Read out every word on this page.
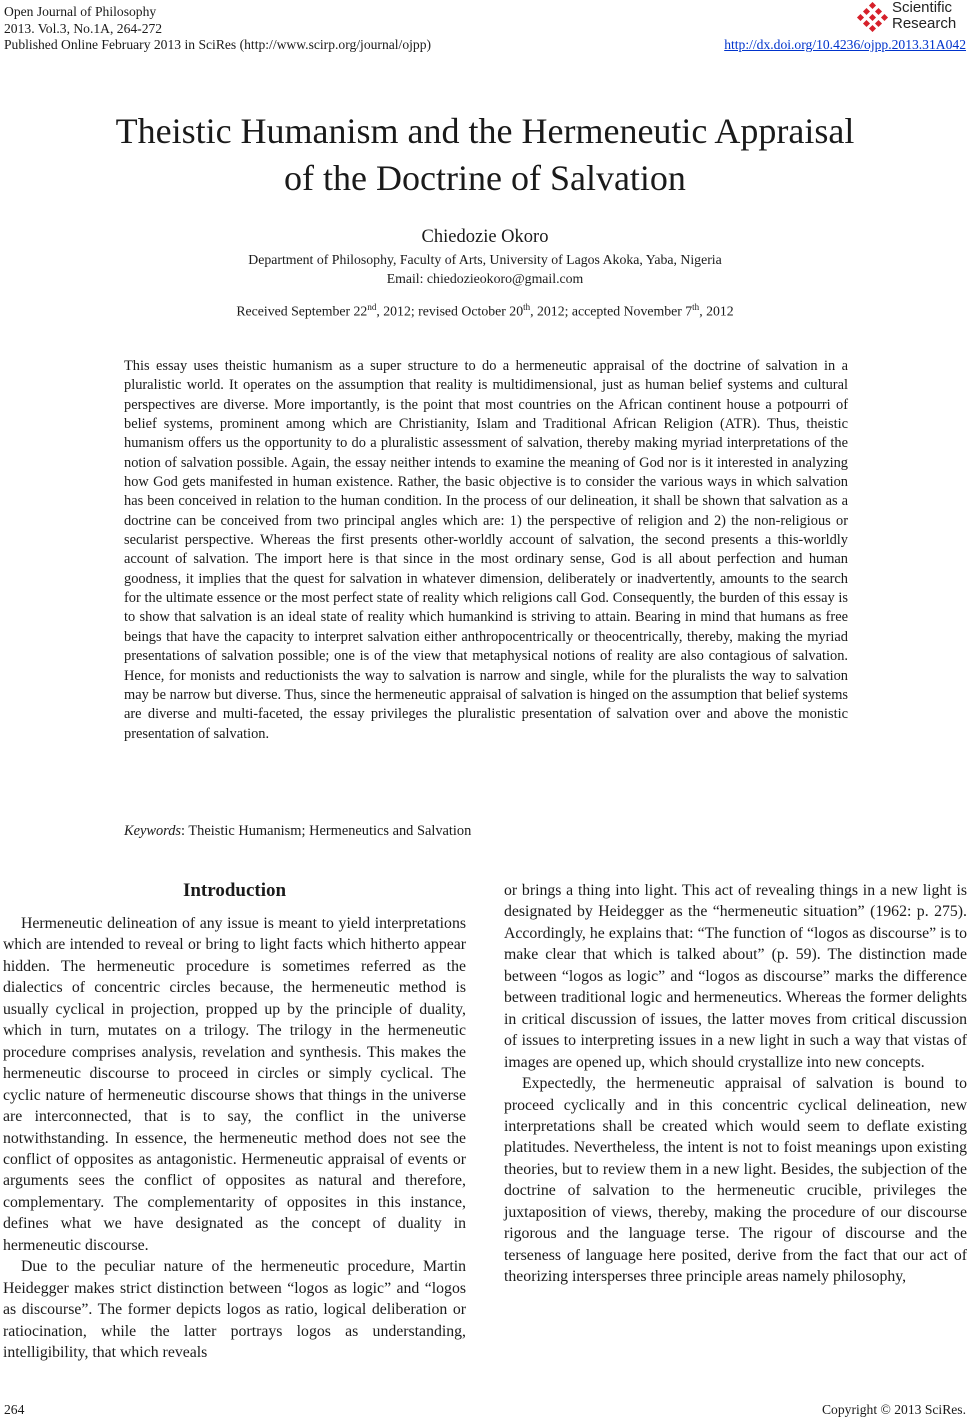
Open Journal of Philosophy
2013. Vol.3, No.1A, 264-272
Published Online February 2013 in SciRes (http://www.scirp.org/journal/ojpp)
Scientific
Research
http://dx.doi.org/10.4236/ojpp.2013.31A042
Theistic Humanism and the Hermeneutic Appraisal
of the Doctrine of Salvation
Chiedozie Okoro
Department of Philosophy, Faculty of Arts, University of Lagos Akoka, Yaba, Nigeria
Email: chiedozieokoro@gmail.com
Received September 22nd, 2012; revised October 20th, 2012; accepted November 7th, 2012

This essay uses theistic humanism as a super structure to do a hermeneutic appraisal of the doctrine of salvation in a pluralistic world. It operates on the assumption that reality is multidimensional, just as human belief systems and cultural perspectives are diverse. More importantly, is the point that most countries on the African continent house a potpourri of belief systems, prominent among which are Christianity, Islam and Traditional African Religion (ATR). Thus, theistic humanism offers us the opportunity to do a pluralistic assessment of salvation, thereby making myriad interpretations of the notion of salvation possible. Again, the essay neither intends to examine the meaning of God nor is it interested in analyzing how God gets manifested in human existence. Rather, the basic objective is to consider the various ways in which salvation has been conceived in relation to the human condition. In the process of our delineation, it shall be shown that salvation as a doctrine can be conceived from two principal angles which are: 1) the perspective of religion and 2) the non-religious or secularist perspective. Whereas the first presents other-worldly account of salvation, the second presents a this-worldly account of salvation. The import here is that since in the most ordinary sense, God is all about perfection and human goodness, it implies that the quest for salvation in whatever dimension, deliberately or inadvertently, amounts to the search for the ultimate essence or the most perfect state of reality which religions call God. Consequently, the burden of this essay is to show that salvation is an ideal state of reality which humankind is striving to attain. Bearing in mind that humans as free beings that have the capacity to interpret salvation either anthropocentrically or theocentrically, thereby, making the myriad presentations of salvation possible; one is of the view that metaphysical notions of reality are also contagious of salvation. Hence, for monists and reductionists the way to salvation is narrow and single, while for the pluralists the way to salvation may be narrow but diverse. Thus, since the hermeneutic appraisal of salvation is hinged on the assumption that belief systems are diverse and multi-faceted, the essay privileges the pluralistic presentation of salvation over and above the monistic presentation of salvation.

Keywords: Theistic Humanism; Hermeneutics and Salvation
Introduction

Hermeneutic delineation of any issue is meant to yield interpretations which are intended to reveal or bring to light facts which hitherto appear hidden. The hermeneutic procedure is sometimes referred as the dialectics of concentric circles because, the hermeneutic method is usually cyclical in projection, propped up by the principle of duality, which in turn, mutates on a trilogy. The trilogy in the hermeneutic procedure comprises analysis, revelation and synthesis. This makes the hermeneutic discourse to proceed in circles or simply cyclical. The cyclic nature of hermeneutic discourse shows that things in the universe are interconnected, that is to say, the conflict in the universe notwithstanding. In essence, the hermeneutic method does not see the conflict of opposites as antagonistic. Hermeneutic appraisal of events or arguments sees the conflict of opposites as natural and therefore, complementary. The complementarity of opposites in this instance, defines what we have designated as the concept of duality in hermeneutic discourse.

Due to the peculiar nature of the hermeneutic procedure, Martin Heidegger makes strict distinction between “logos as logic” and “logos as discourse”. The former depicts logos as ratio, logical deliberation or ratiocination, while the latter portrays logos as understanding, intelligibility, that which reveals

or brings a thing into light. This act of revealing things in a new light is designated by Heidegger as the “hermeneutic situation” (1962: p. 275). Accordingly, he explains that: “The function of “logos as discourse” is to make clear that which is talked about” (p. 59). The distinction made between “logos as logic” and “logos as discourse” marks the difference between traditional logic and hermeneutics. Whereas the former delights in critical discussion of issues, the latter moves from critical discussion of issues to interpreting issues in a new light in such a way that vistas of images are opened up, which should crystallize into new concepts.

Expectedly, the hermeneutic appraisal of salvation is bound to proceed cyclically and in this concentric cyclical delineation, new interpretations shall be created which would seem to deflate existing platitudes. Nevertheless, the intent is not to foist meanings upon existing theories, but to review them in a new light. Besides, the subjection of the doctrine of salvation to the hermeneutic crucible, privileges the juxtaposition of views, thereby, making the procedure of our discourse rigorous and the language terse. The rigour of discourse and the terseness of language here posited, derive from the fact that our act of theorizing intersperses three principle areas namely philosophy,

264	Copyright © 2013 SciRes.
